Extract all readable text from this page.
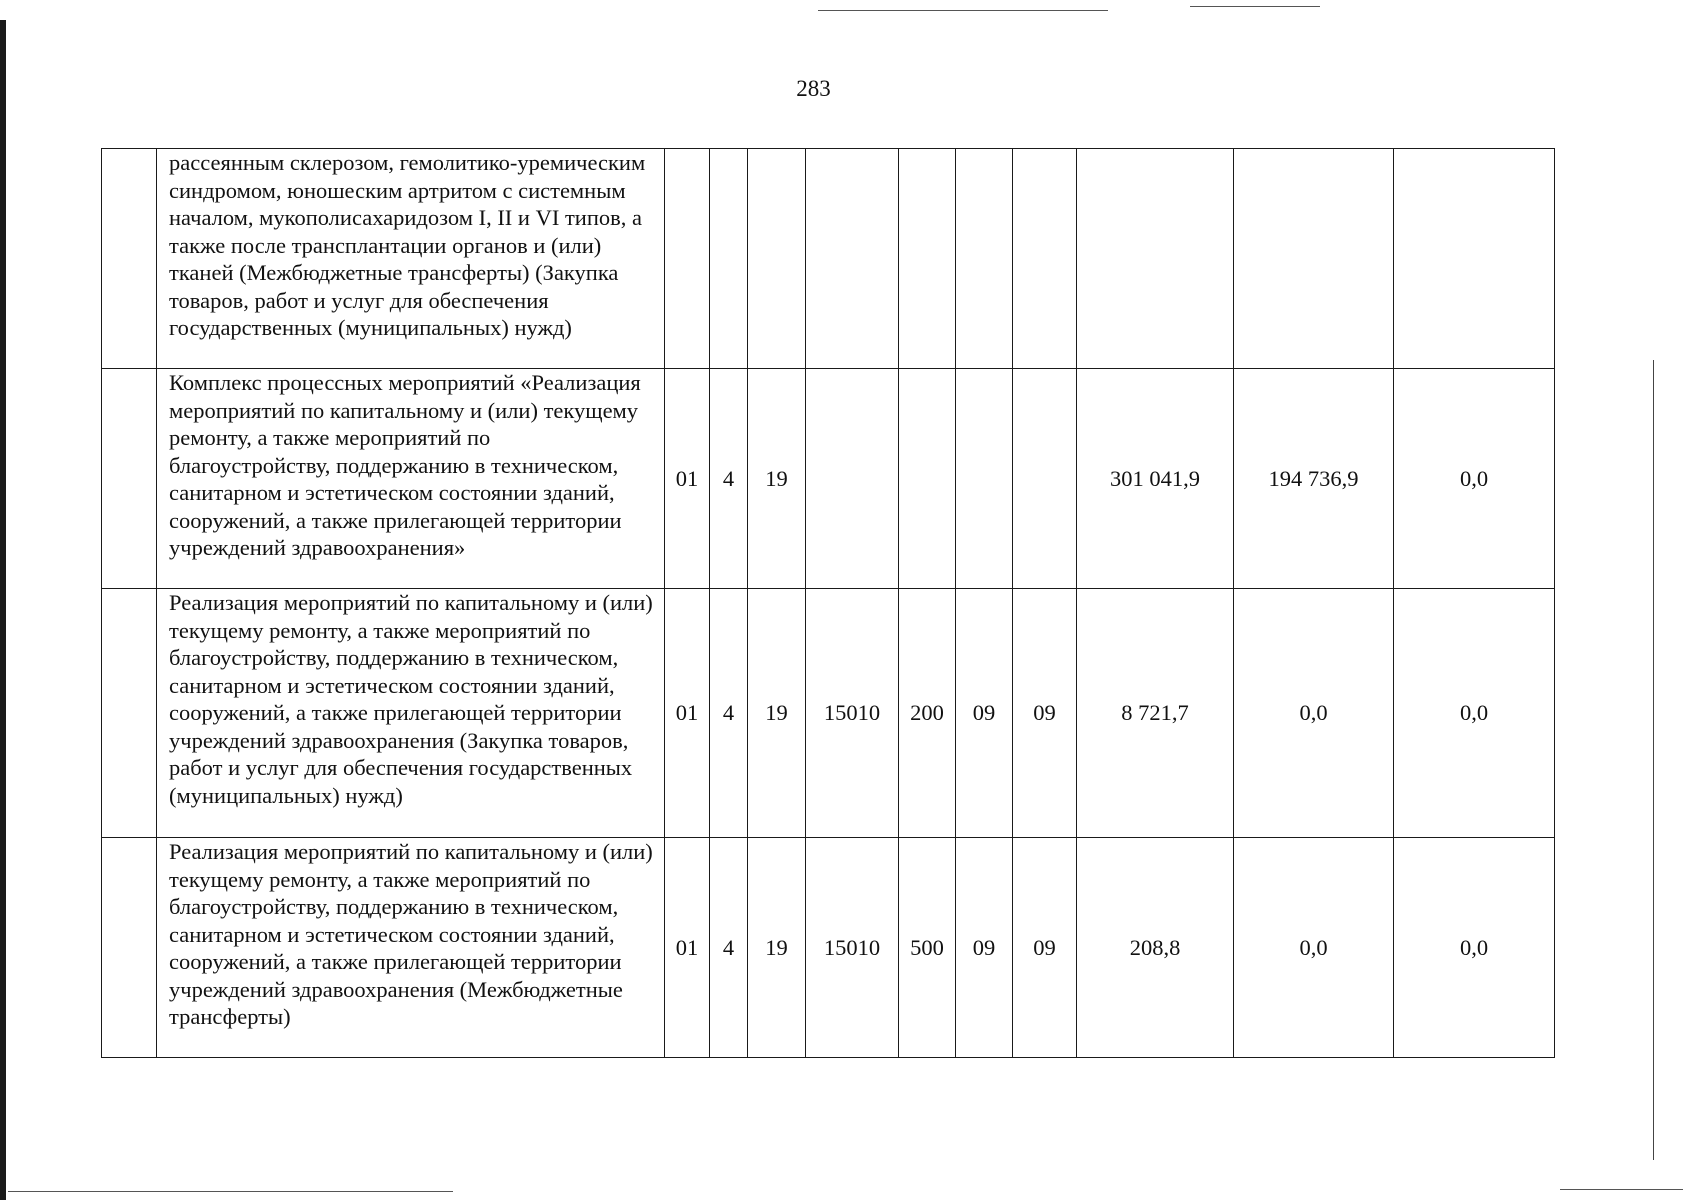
283
	рассеянным склерозом, гемолитико-уремическим синдромом, юношеским артритом с системным началом, мукополисахаридозом I, II и VI типов, а также после трансплантации органов и (или) тканей (Межбюджетные трансферты) (Закупка товаров, работ и услуг для обеспечения государственных (муниципальных) нужд)										
	Комплекс процессных мероприятий «Реализация мероприятий по капитальному и (или) текущему ремонту, а также мероприятий по благоустройству, поддержанию в техническом, санитарном и эстетическом состоянии зданий, сооружений, а также прилегающей территории учреждений здравоохранения»	01	4	19					301 041,9	194 736,9	0,0
	Реализация мероприятий по капитальному и (или) текущему ремонту, а также мероприятий по благоустройству, поддержанию в техническом, санитарном и эстетическом состоянии зданий, сооружений, а также прилегающей территории учреждений здравоохранения (Закупка товаров, работ и услуг для обеспечения государственных (муниципальных) нужд)	01	4	19	15010	200	09	09	8 721,7	0,0	0,0
	Реализация мероприятий по капитальному и (или) текущему ремонту, а также мероприятий по благоустройству, поддержанию в техническом, санитарном и эстетическом состоянии зданий, сооружений, а также прилегающей территории учреждений здравоохранения (Межбюджетные трансферты)	01	4	19	15010	500	09	09	208,8	0,0	0,0
